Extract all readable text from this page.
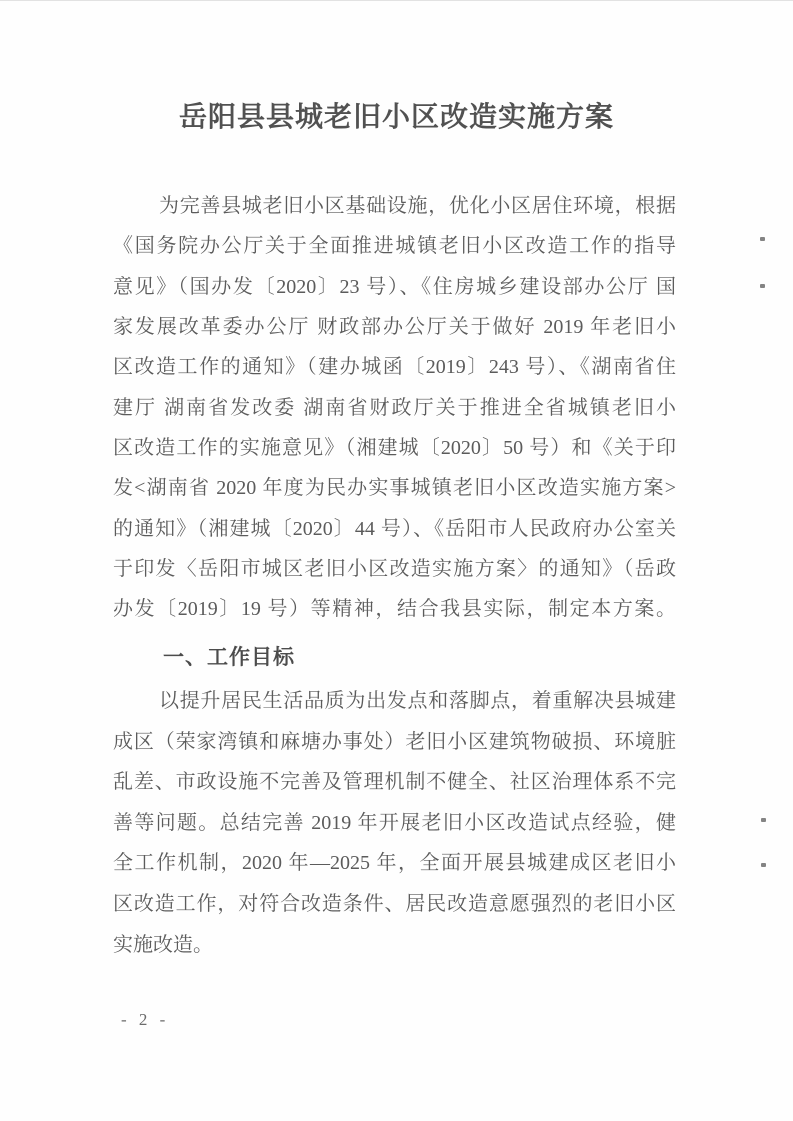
岳阳县县城老旧小区改造实施方案
为完善县城老旧小区基础设施，优化小区居住环境，根据
《国务院办公厅关于全面推进城镇老旧小区改造工作的指导
意见》（国办发〔2020〕23 号）、《住房城乡建设部办公厅 国
家发展改革委办公厅 财政部办公厅关于做好 2019 年老旧小
区改造工作的通知》（建办城函〔2019〕243 号）、《湖南省住
建厅 湖南省发改委 湖南省财政厅关于推进全省城镇老旧小
区改造工作的实施意见》（湘建城〔2020〕50 号）和《关于印
发<湖南省 2020 年度为民办实事城镇老旧小区改造实施方案>
的通知》（湘建城〔2020〕44 号）、《岳阳市人民政府办公室关
于印发〈岳阳市城区老旧小区改造实施方案〉的通知》（岳政
办发〔2019〕19 号）等精神，结合我县实际，制定本方案。
一、工作目标
以提升居民生活品质为出发点和落脚点，着重解决县城建
成区（荣家湾镇和麻塘办事处）老旧小区建筑物破损、环境脏
乱差、市政设施不完善及管理机制不健全、社区治理体系不完
善等问题。总结完善 2019 年开展老旧小区改造试点经验，健
全工作机制，2020 年—2025 年，全面开展县城建成区老旧小
区改造工作，对符合改造条件、居民改造意愿强烈的老旧小区
实施改造。
- 2 -
